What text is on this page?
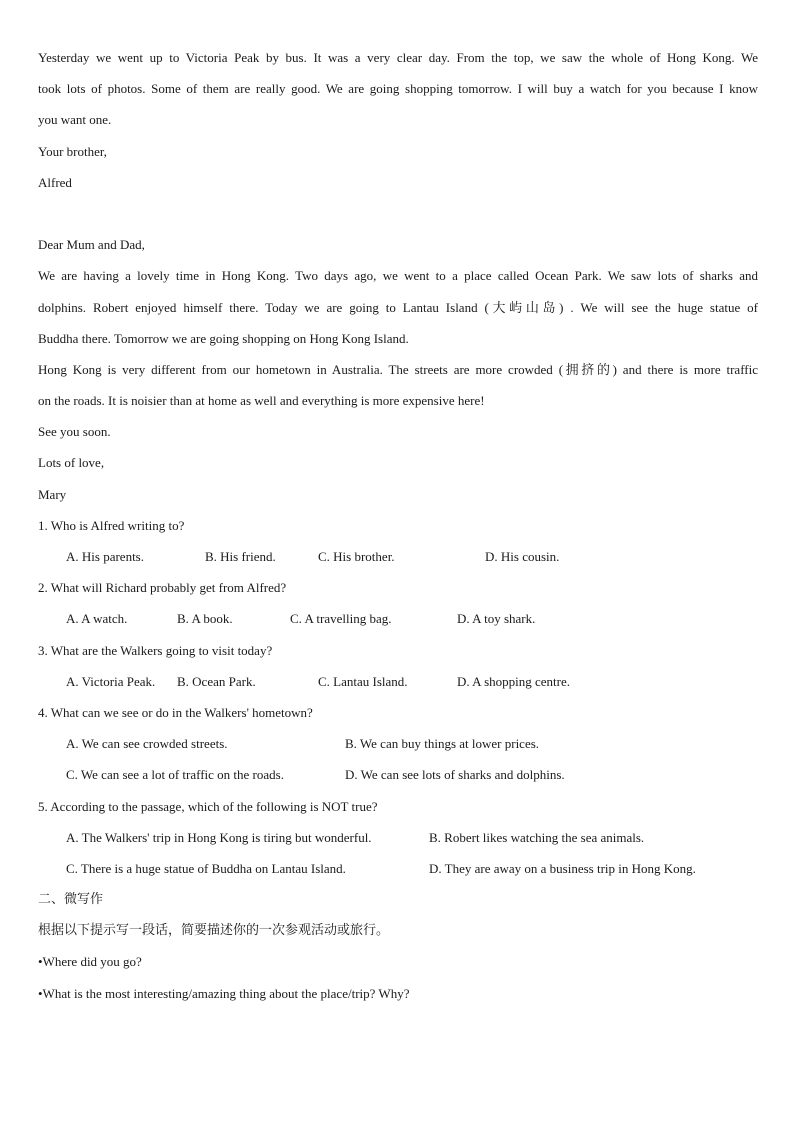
Yesterday we went up to Victoria Peak by bus. It was a very clear day. From the top, we saw the whole of Hong Kong. We
took lots of photos. Some of them are really good. We are going shopping tomorrow. I will buy a watch for you because I know
you want one.
Your brother,
Alfred
Dear Mum and Dad,
We are having a lovely time in Hong Kong. Two days ago, we went to a place called Ocean Park. We saw lots of sharks and
dolphins. Robert enjoyed himself there. Today we are going to Lantau Island (大屿山岛) . We will see the huge statue of
Buddha there. Tomorrow we are going shopping on Hong Kong Island.
Hong Kong is very different from our hometown in Australia. The streets are more crowded (拥挤的) and there is more traffic
on the roads. It is noisier than at home as well and everything is more expensive here!
See you soon.
Lots of love,
Mary
1. Who is Alfred writing to?
A. His parents.	B. His friend.	C. His brother.	D. His cousin.
2. What will Richard probably get from Alfred?
A. A watch.	B. A book.	C. A travelling bag.	D. A toy shark.
3. What are the Walkers going to visit today?
A. Victoria Peak. B. Ocean Park.	C. Lantau Island.	D. A shopping centre.
4. What can we see or do in the Walkers' hometown?
A. We can see crowded streets.	B. We can buy things at lower prices.
C. We can see a lot of traffic on the roads.	D. We can see lots of sharks and dolphins.
5. According to the passage, which of the following is NOT true?
A. The Walkers' trip in Hong Kong is tiring but wonderful.	B. Robert likes watching the sea animals.
C. There is a huge statue of Buddha on Lantau Island.	D. They are away on a business trip in Hong Kong.
二、微写作
根据以下提示写一段话，简要描述你的一次参观活动或旅行。
•Where did you go?
•What is the most interesting/amazing thing about the place/trip? Why?
